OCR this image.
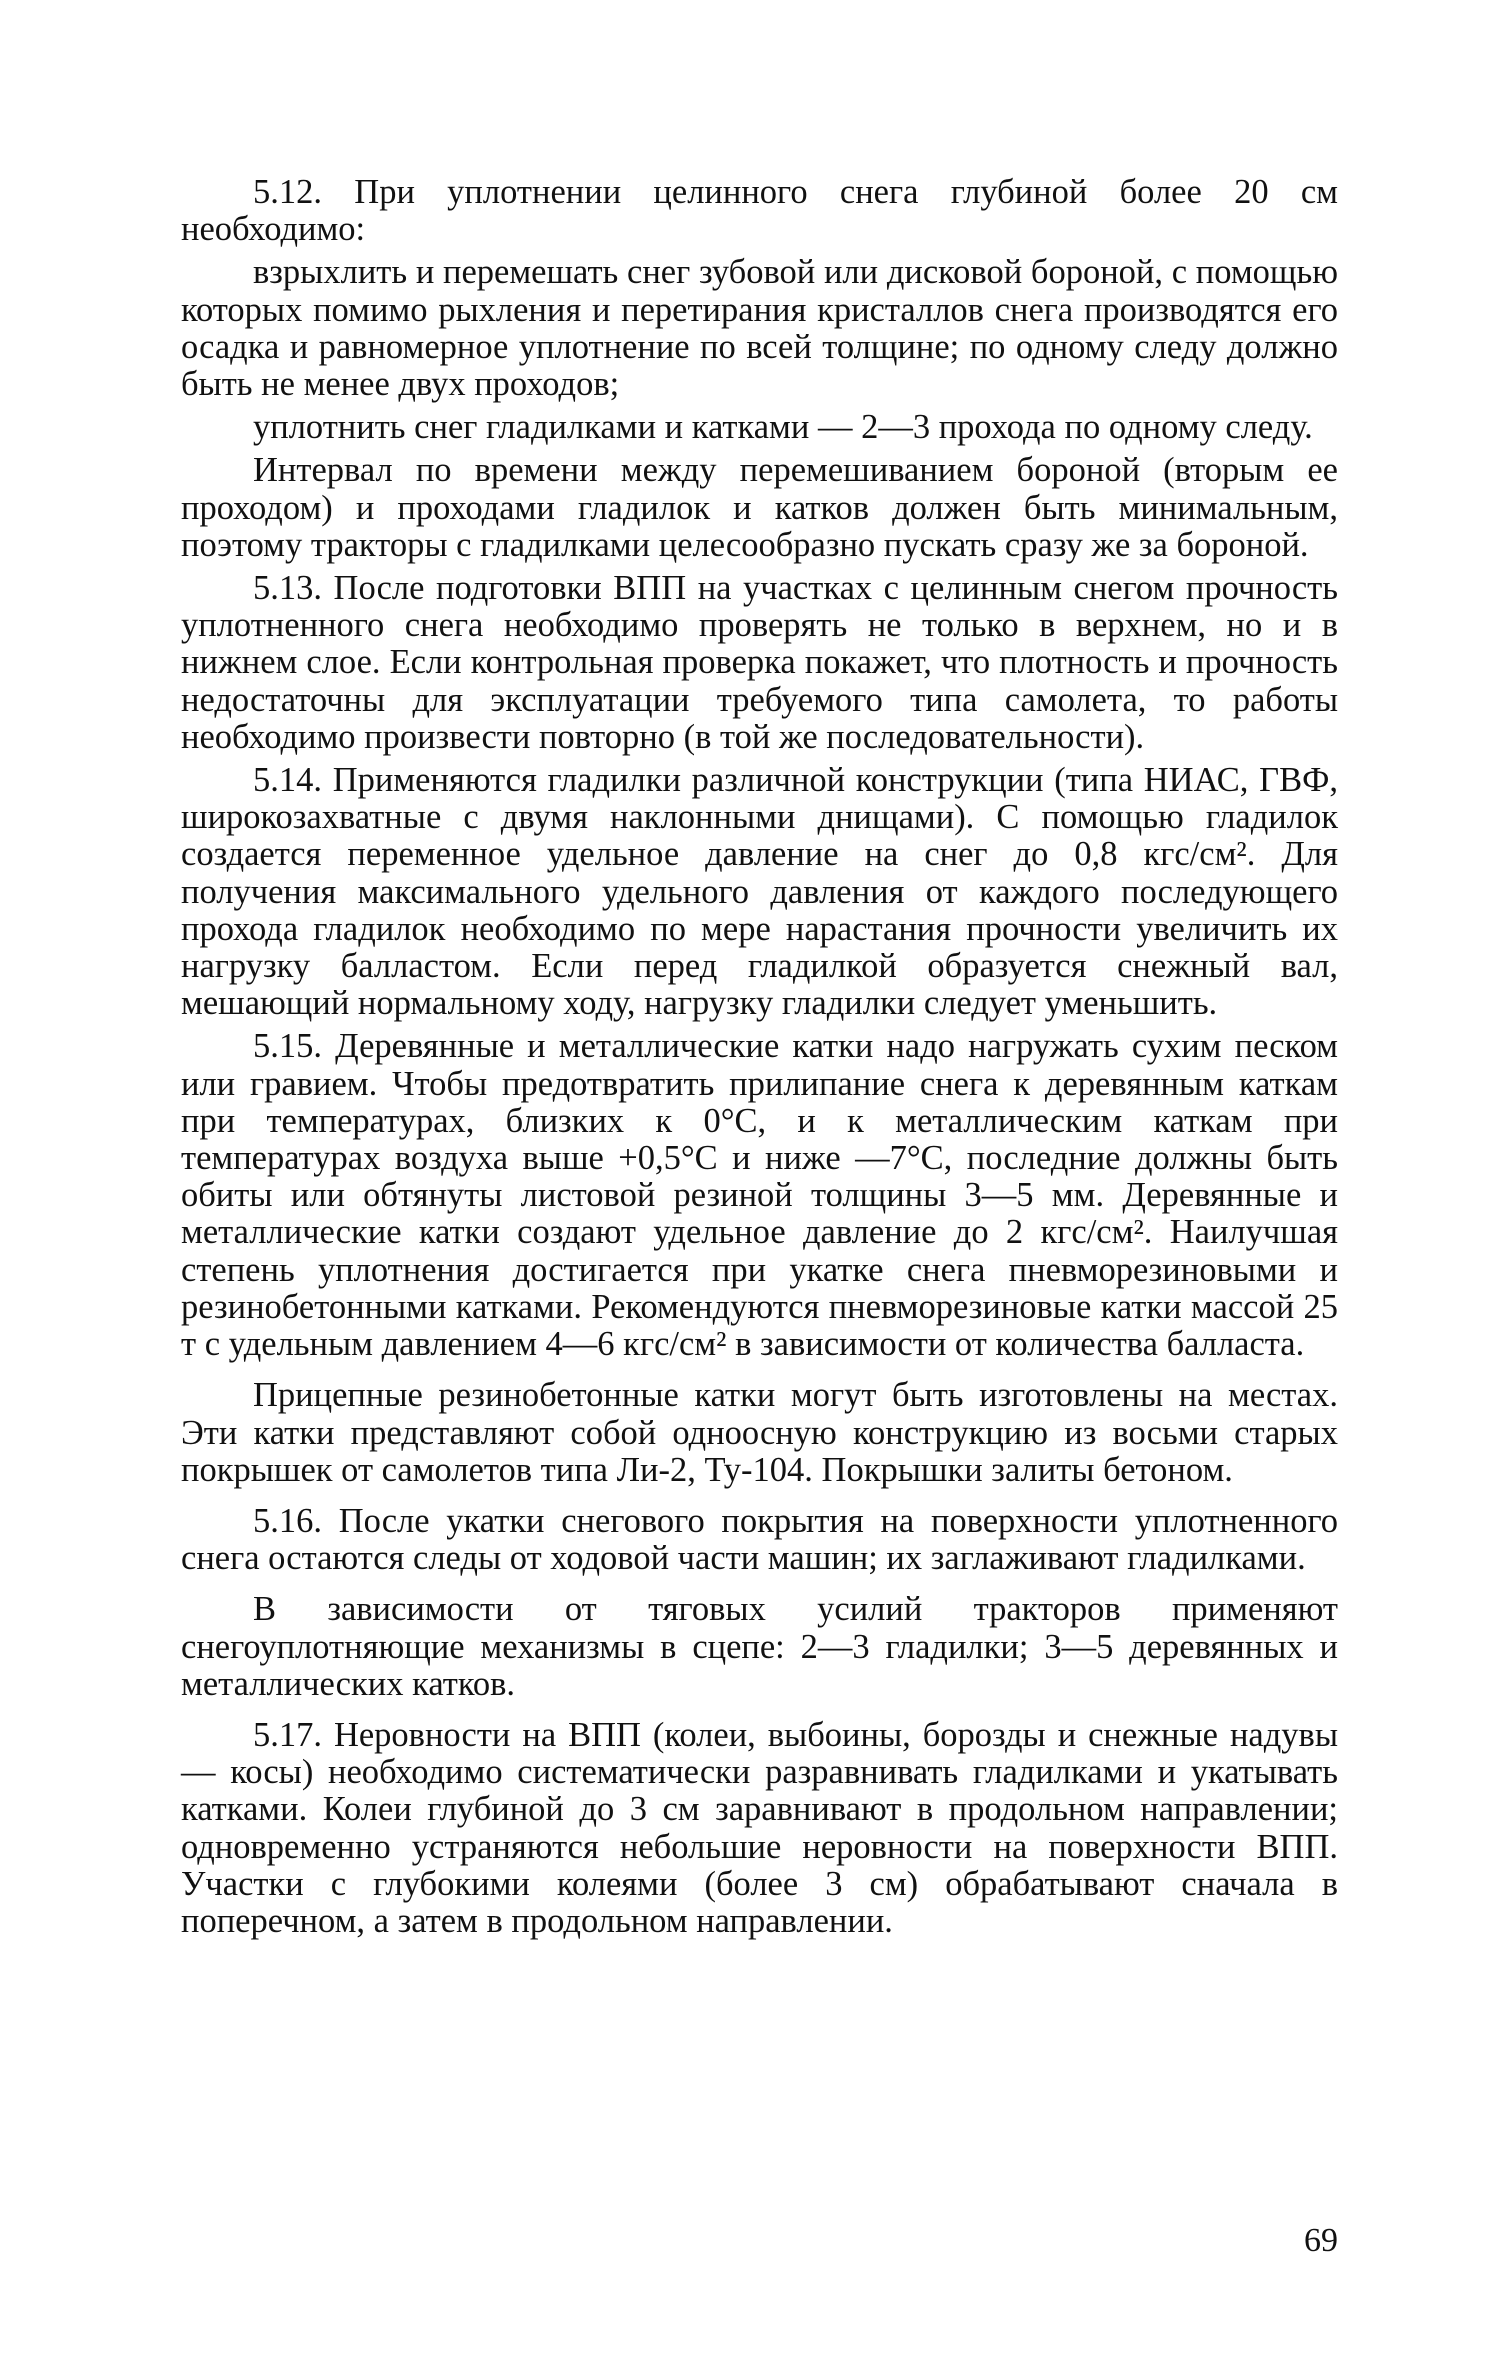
5.12. При уплотнении целинного снега глубиной более 20 см необходимо:

взрыхлить и перемешать снег зубовой или дисковой бороной, с помощью которых помимо рыхления и перетирания кристаллов снега производятся его осадка и равномерное уплотнение по всей толщине; по одному следу должно быть не менее двух проходов;

уплотнить снег гладилками и катками — 2—3 прохода по одному следу.

Интервал по времени между перемешиванием бороной (вторым ее проходом) и проходами гладилок и катков должен быть минимальным, поэтому тракторы с гладилками целесообразно пускать сразу же за бороной.

5.13. После подготовки ВПП на участках с целинным снегом прочность уплотненного снега необходимо проверять не только в верхнем, но и в нижнем слое. Если контрольная проверка покажет, что плотность и прочность недостаточны для эксплуатации требуемого типа самолета, то работы необходимо произвести повторно (в той же последовательности).

5.14. Применяются гладилки различной конструкции (типа НИАС, ГВФ, широкозахватные с двумя наклонными днищами). С помощью гладилок создается переменное удельное давление на снег до 0,8 кгс/см². Для получения максимального удельного давления от каждого последующего прохода гладилок необходимо по мере нарастания прочности увеличить их нагрузку балластом. Если перед гладилкой образуется снежный вал, мешающий нормальному ходу, нагрузку гладилки следует уменьшить.

5.15. Деревянные и металлические катки надо нагружать сухим песком или гравием. Чтобы предотвратить прилипание снега к деревянным каткам при температурах, близких к 0°С, и к металлическим каткам при температурах воздуха выше +0,5°С и ниже —7°С, последние должны быть обиты или обтянуты листовой резиной толщины 3—5 мм. Деревянные и металлические катки создают удельное давление до 2 кгс/см². Наилучшая степень уплотнения достигается при укатке снега пневморезиновыми и резинобетонными катками. Рекомендуются пневморезиновые катки массой 25 т с удельным давлением 4—6 кгс/см² в зависимости от количества балласта.

Прицепные резинобетонные катки могут быть изготовлены на местах. Эти катки представляют собой одноосную конструкцию из восьми старых покрышек от самолетов типа Ли-2, Ту-104. Покрышки залиты бетоном.

5.16. После укатки снегового покрытия на поверхности уплотненного снега остаются следы от ходовой части машин; их заглаживают гладилками.

В зависимости от тяговых усилий тракторов применяют снегоуплотняющие механизмы в сцепе: 2—3 гладилки; 3—5 деревянных и металлических катков.

5.17. Неровности на ВПП (колеи, выбоины, борозды и снежные надувы — косы) необходимо систематически разравнивать гладилками и укатывать катками. Колеи глубиной до 3 см заравнивают в продольном направлении; одновременно устраняются небольшие неровности на поверхности ВПП. Участки с глубокими колеями (более 3 см) обрабатывают сначала в поперечном, а затем в продольном направлении.

69
